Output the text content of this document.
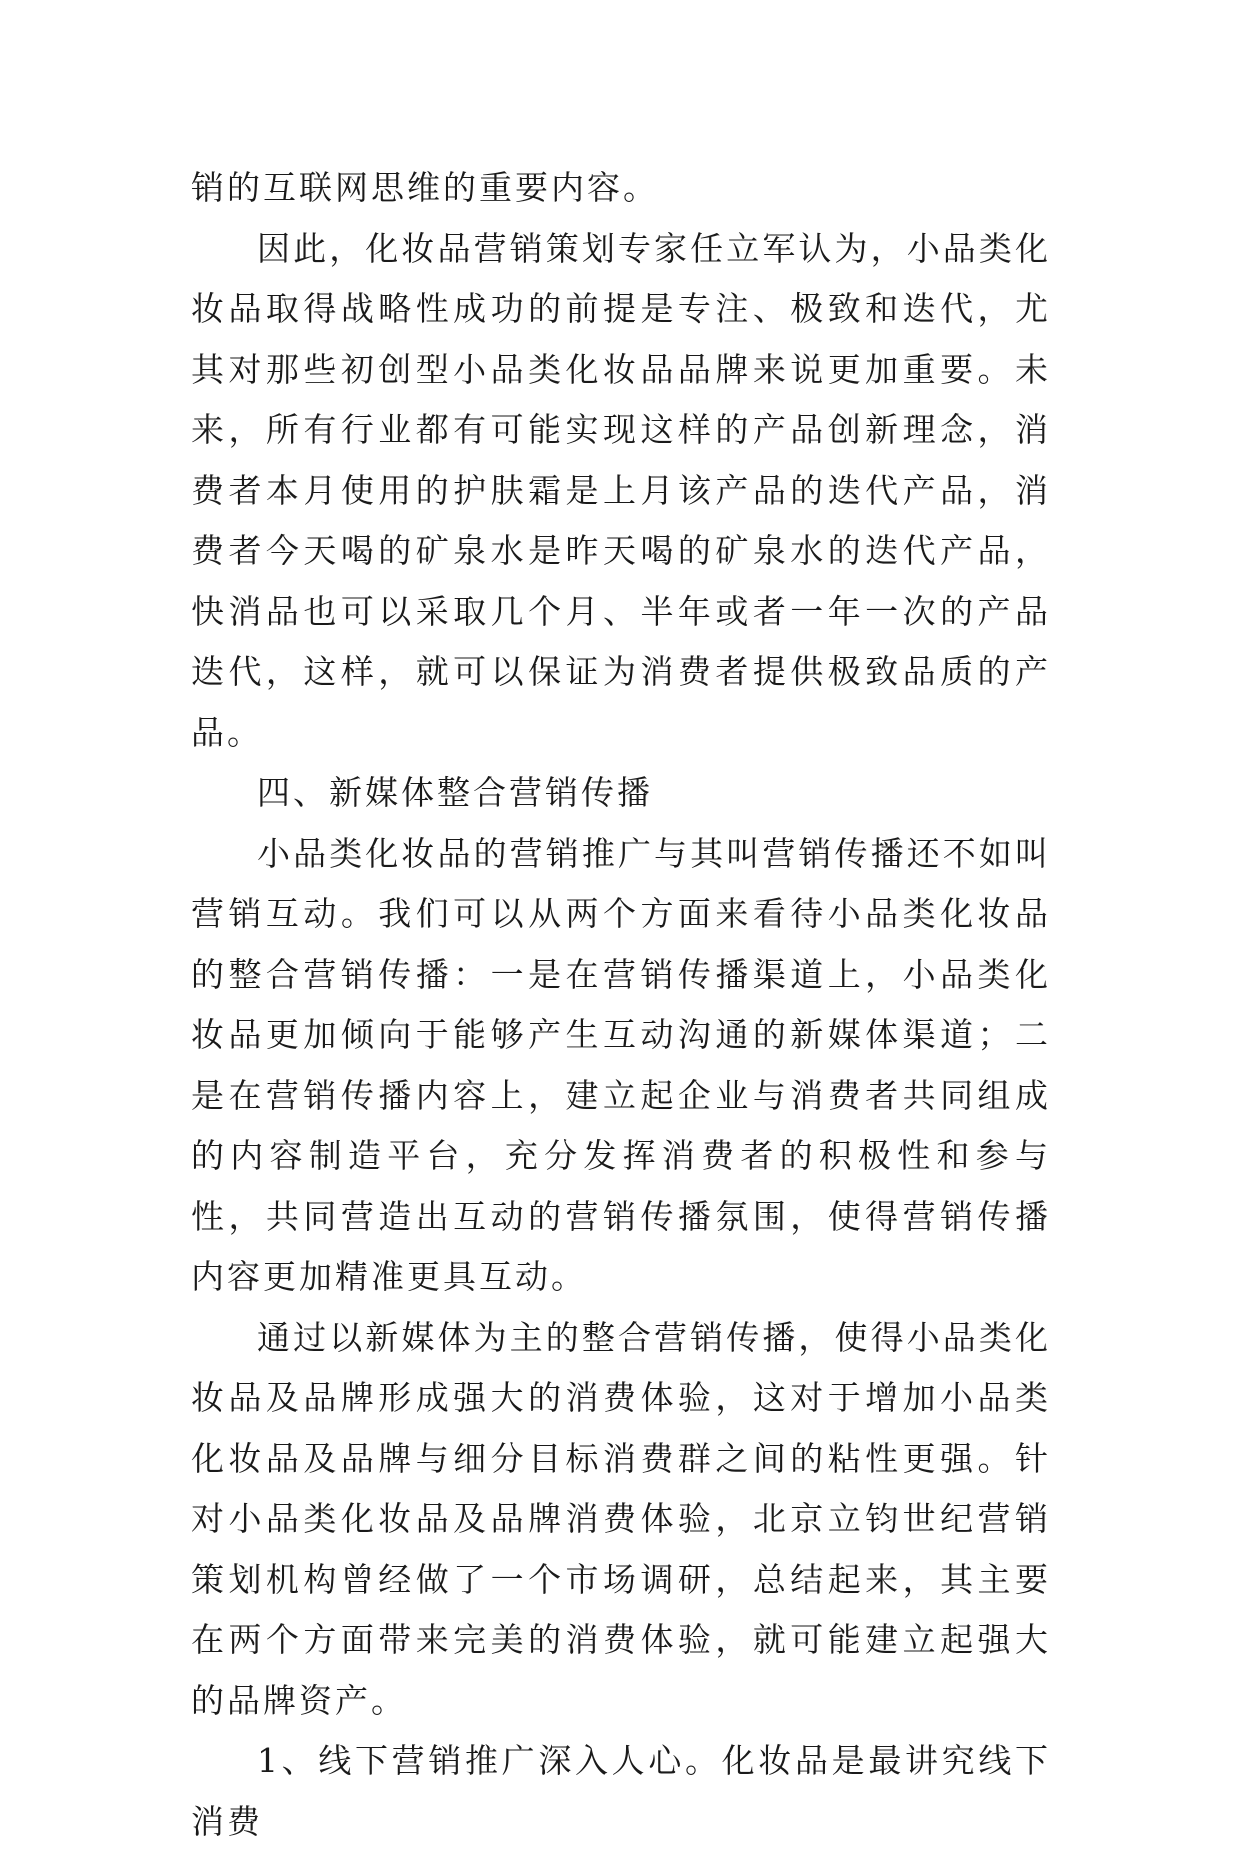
销的互联网思维的重要内容。

因此，化妆品营销策划专家任立军认为，小品类化妆品取得战略性成功的前提是专注、极致和迭代，尤其对那些初创型小品类化妆品品牌来说更加重要。未来，所有行业都有可能实现这样的产品创新理念，消费者本月使用的护肤霜是上月该产品的迭代产品，消费者今天喝的矿泉水是昨天喝的矿泉水的迭代产品，快消品也可以采取几个月、半年或者一年一次的产品迭代，这样，就可以保证为消费者提供极致品质的产品。

四、新媒体整合营销传播

小品类化妆品的营销推广与其叫营销传播还不如叫营销互动。我们可以从两个方面来看待小品类化妆品的整合营销传播：一是在营销传播渠道上，小品类化妆品更加倾向于能够产生互动沟通的新媒体渠道；二是在营销传播内容上，建立起企业与消费者共同组成的内容制造平台，充分发挥消费者的积极性和参与性，共同营造出互动的营销传播氛围，使得营销传播内容更加精准更具互动。

通过以新媒体为主的整合营销传播，使得小品类化妆品及品牌形成强大的消费体验，这对于增加小品类化妆品及品牌与细分目标消费群之间的粘性更强。针对小品类化妆品及品牌消费体验，北京立钧世纪营销策划机构曾经做了一个市场调研，总结起来，其主要在两个方面带来完美的消费体验，就可能建立起强大的品牌资产。

1、线下营销推广深入人心。化妆品是最讲究线下消费
